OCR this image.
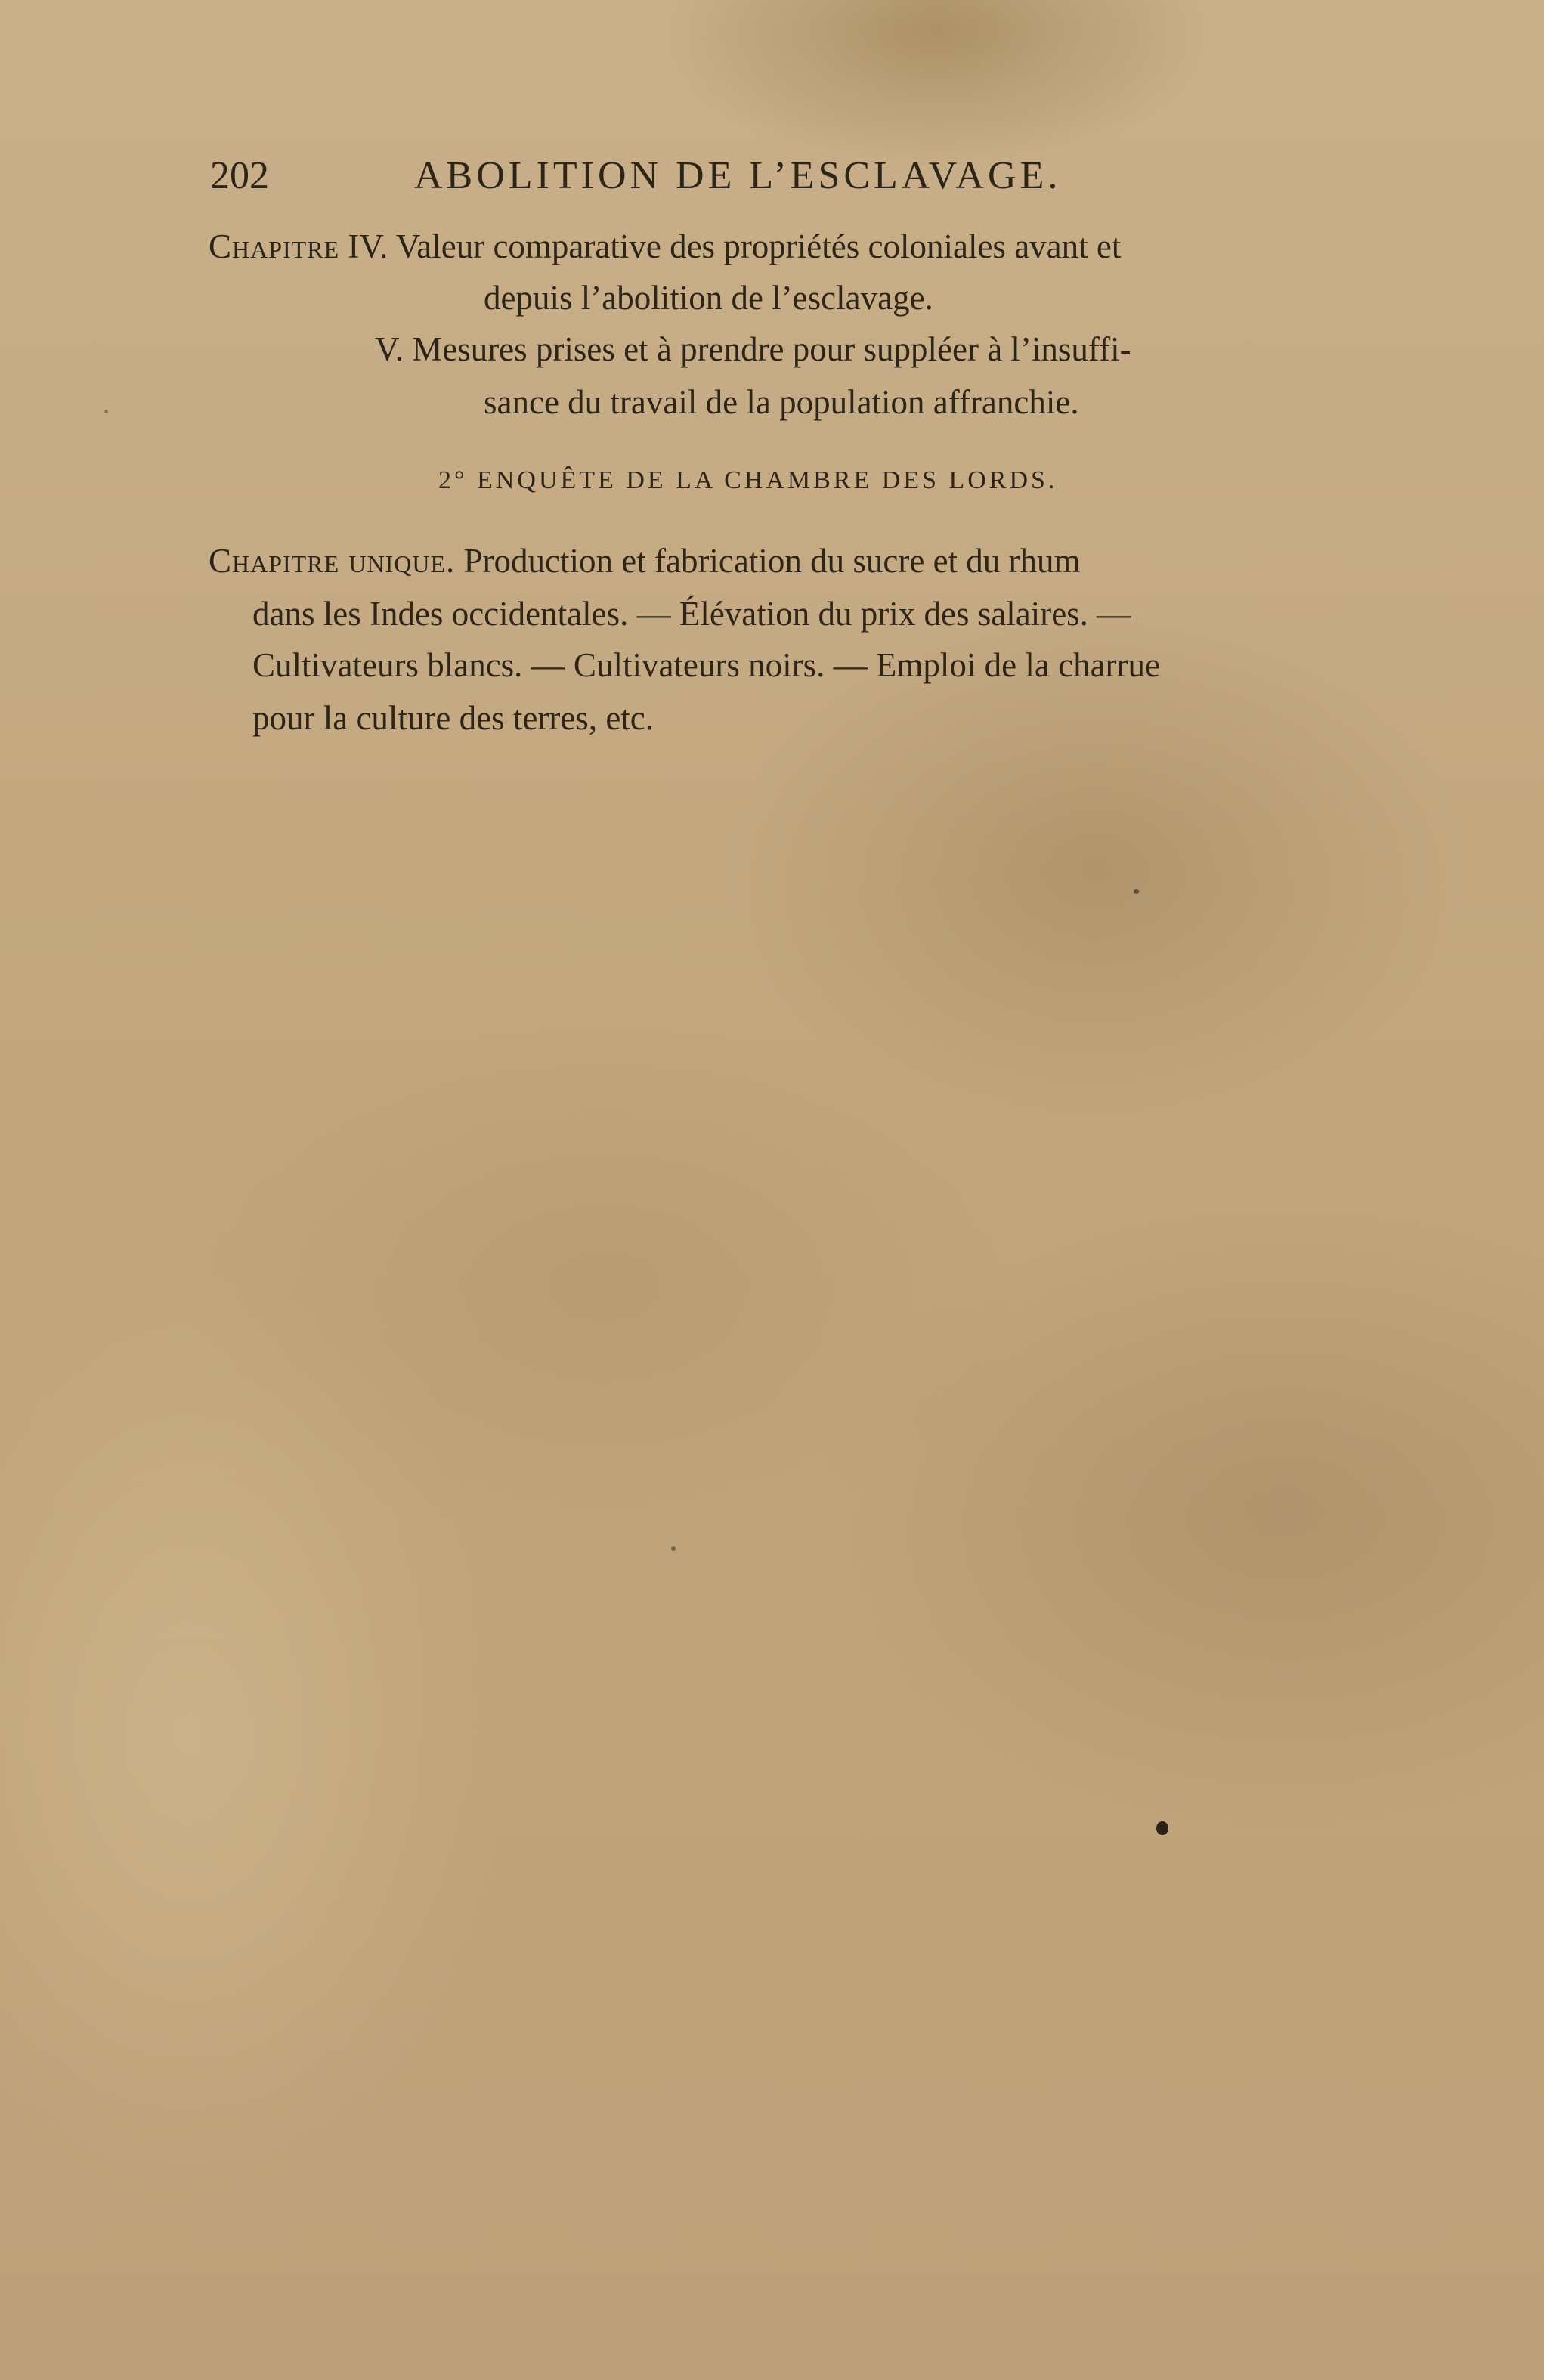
202	ABOLITION DE L’ESCLAVAGE.
Chapitre IV. Valeur comparative des propriétés coloniales avant et
depuis l’abolition de l’esclavage.
V. Mesures prises et à prendre pour suppléer à l’insuffi-
sance du travail de la population affranchie.
2° ENQUÊTE DE LA CHAMBRE DES LORDS.
Chapitre unique. Production et fabrication du sucre et du rhum
dans les Indes occidentales. — Élévation du prix des salaires. —
Cultivateurs blancs. — Cultivateurs noirs. — Emploi de la charrue
pour la culture des terres, etc.
